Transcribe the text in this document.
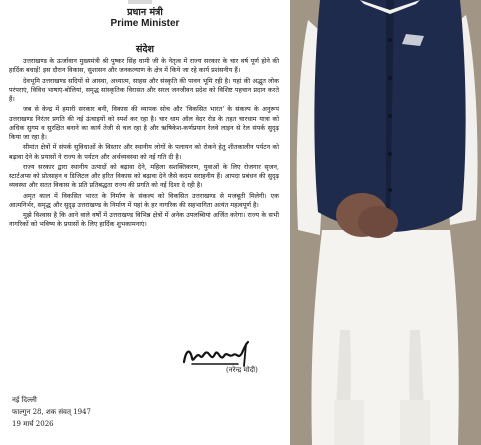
प्रधान मंत्री

Prime Minister

संदेश

उत्तराखण्ड के ऊर्जावान मुख्यमंत्री श्री पुष्कर सिंह धामी जी के नेतृत्व में राज्य सरकार के चार वर्ष पूर्ण होने की हार्दिक बधाई! इस दौरान विकास, सुशासन और जनकल्याण के क्षेत्र में किये जा रहे कार्य प्रशंसनीय हैं।

देवभूमि उत्तराखण्ड सदियों से आस्था, अध्यात्म, साहस और संस्कृति की पावन भूमि रही है। यहां की अद्भुत लोक परंपराएं, विविध भाषाएं-बोलियां, समृद्ध सांस्कृतिक विरासत और सरल जनजीवन प्रदेश को विशिष्ट पहचान प्रदान करते हैं।

जब से केन्द्र में हमारी सरकार बनी, विकास की व्यापक सोच और 'विकसित भारत' के संकल्प के अनुरूप उत्तराखण्ड निरंतर प्रगति की नई ऊंचाइयों को स्पर्श कर रहा है। चार धाम ऑल वेदर रोड के तहत चारधाम यात्रा को अधिक सुगम व सुरक्षित बनाने का कार्य तेजी से चल रहा है और ऋषिकेश-कर्णप्रयाग रेलवे लाइन से रेल संपर्क सुदृढ़ किया जा रहा है।

सीमांत क्षेत्रों में संपर्क सुविधाओं के विस्तार और स्थानीय लोगों के पलायन को रोकने हेतु शीतकालीन पर्यटन को बढ़ावा देने के प्रयासों ने राज्य के पर्यटन और अर्थव्यवस्था को नई गति दी है।

राज्य सरकार द्वारा स्थानीय उत्पादों को बढ़ावा देने, महिला सशक्तिकरण, युवाओं के लिए रोजगार सृजन, स्टार्टअप्स को प्रोत्साहन व डिजिटल और हरित विकास को बढ़ावा देने जैसे कदम सराहनीय हैं। आपदा प्रबंधन की सुदृढ़ व्यवस्था और सतत विकास के प्रति प्रतिबद्धता राज्य की प्रगति को नई दिशा दे रही है।

अमृत काल में विकसित भारत के निर्माण के संकल्प को विकसित उत्तराखण्ड से मजबूती मिलेगी। एक आत्मनिर्भर, समृद्ध और सुदृढ़ उत्तराखण्ड के निर्माण में यहां के हर नागरिक की सहभागिता अत्यंत महत्वपूर्ण है।

मुझे विश्वास है कि आने वाले वर्षों में उत्तराखण्ड विभिन्न क्षेत्रों में अनेक उपलब्धियां अर्जित करेगा। राज्य के सभी नागरिकों को भविष्य के प्रयासों के लिए हार्दिक शुभकामनाएं।

(नरेन्द्र मोदी)
नई दिल्ली
फाल्गुन 28, शक संवत् 1947
19 मार्च 2026
